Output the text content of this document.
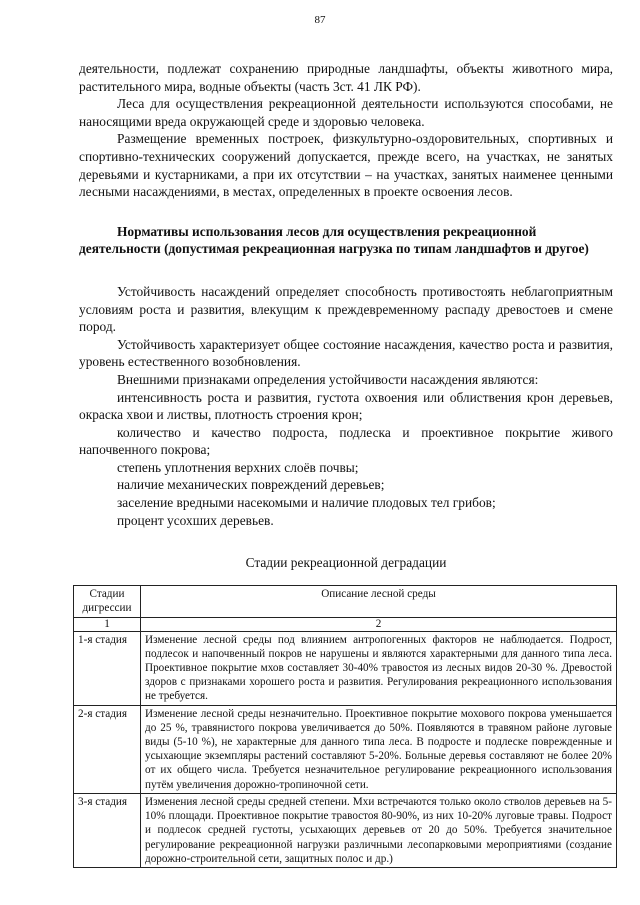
87

деятельности, подлежат сохранению природные ландшафты, объекты животного мира, растительного мира, водные объекты (часть 3ст. 41 ЛК РФ).

Леса для осуществления рекреационной деятельности используются способами, не наносящими вреда окружающей среде и здоровью человека.

Размещение временных построек, физкультурно-оздоровительных, спортивных и спортивно-технических сооружений допускается, прежде всего, на участках, не занятых деревьями и кустарниками, а при их отсутствии – на участках, занятых наименее ценными лесными насаждениями, в местах, определенных в проекте освоения лесов.

Нормативы использования лесов для осуществления рекреационной деятельности (допустимая рекреационная нагрузка по типам ландшафтов и другое)

Устойчивость насаждений определяет способность противостоять неблагоприятным условиям роста и развития, влекущим к преждевременному распаду древостоев и смене пород.

Устойчивость характеризует общее состояние насаждения, качество роста и развития, уровень естественного возобновления.

Внешними признаками определения устойчивости насаждения являются:

интенсивность роста и развития, густота охвоения или облиствения крон деревьев, окраска хвои и листвы, плотность строения крон;

количество и качество подроста, подлеска и проективное покрытие живого напочвенного покрова;

степень уплотнения верхних слоёв почвы;

наличие механических повреждений деревьев;

заселение вредными насекомыми и наличие плодовых тел грибов;

процент усохших деревьев.

Стадии рекреационной деградации
Стадии дигрессии	Описание лесной среды
1	2
1-я стадия	Изменение лесной среды под влиянием антропогенных факторов не наблюдается. Подрост, подлесок и напочвенный покров не нарушены и являются характерными для данного типа леса. Проективное покрытие мхов составляет 30-40% травостоя из лесных видов 20-30 %. Древостой здоров с признаками хорошего роста и развития. Регулирования рекреационного использования не требуется.
2-я стадия	Изменение лесной среды незначительно. Проективное покрытие мохового покрова уменьшается до 25 %, травянистого покрова увеличивается до 50%. Появляются в травяном районе луговые виды (5-10 %), не характерные для данного типа леса. В подросте и подлеске поврежденные и усыхающие экземпляры растений составляют 5-20%. Больные деревья составляют не более 20% от их общего числа. Требуется незначительное регулирование рекреационного использования путём увеличения дорожно-тропиночной сети.
3-я стадия	Изменения лесной среды средней степени. Мхи встречаются только около стволов деревьев на 5-10% площади. Проективное покрытие травостоя 80-90%, из них 10-20% луговые травы. Подрост и подлесок средней густоты, усыхающих деревьев от 20 до 50%. Требуется значительное регулирование рекреационной нагрузки различными лесопарковыми мероприятиями (создание дорожно-строительной сети, защитных полос и др.)
